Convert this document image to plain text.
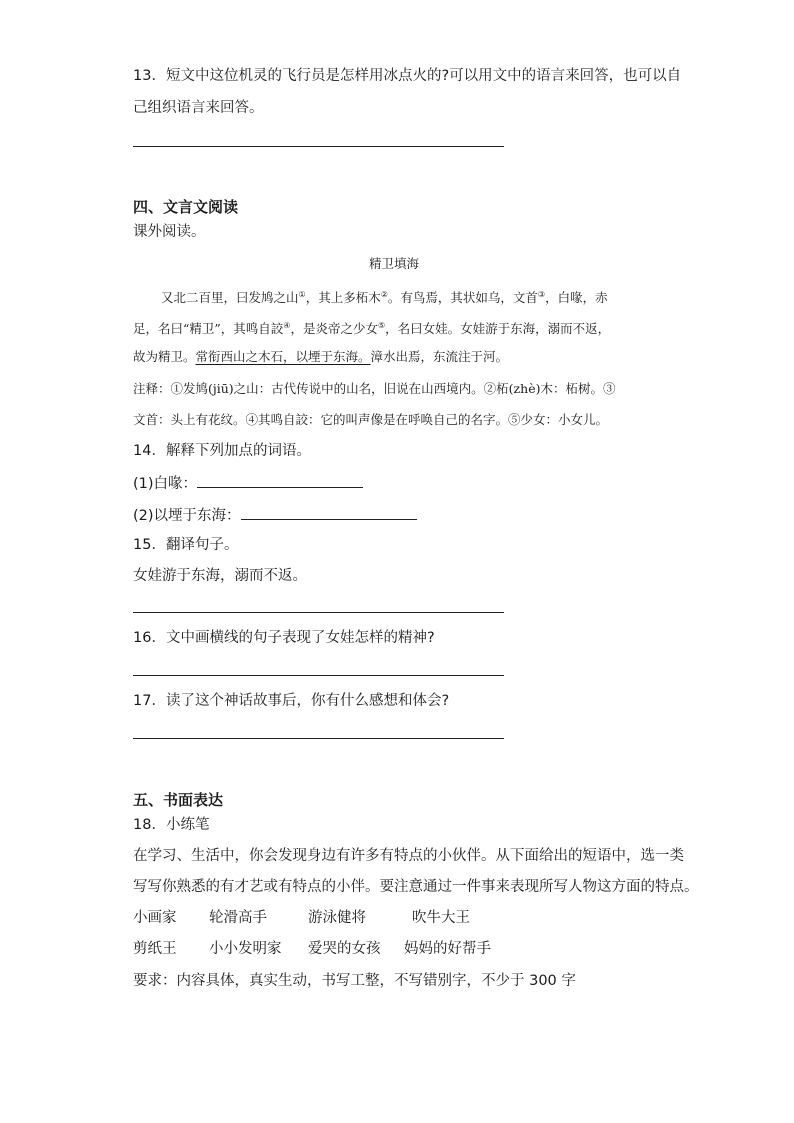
13．短文中这位机灵的飞行员是怎样用冰点火的?可以用文中的语言来回答，也可以自
己组织语言来回答。
四、文言文阅读
课外阅读。
精卫填海
又北二百里，曰发鸠之山①，其上多柘木②。有鸟焉，其状如乌，文首③，白喙，赤
足，名曰“精卫”，其鸣自詨④，是炎帝之少女⑤，名曰女娃。女娃游于东海，溺而不返，
故为精卫。常衔西山之木石，以堙于东海。漳水出焉，东流注于河。
注释：①发鸠(jiū)之山：古代传说中的山名，旧说在山西境内。②柘(zhè)木：柘树。③
文首：头上有花纹。④其鸣自詨：它的叫声像是在呼唤自己的名字。⑤少女：小女儿。
14．解释下列加点的词语。
(1)白喙：
(2)以堙于东海：
15．翻译句子。
女娃游于东海，溺而不返。
16．文中画横线的句子表现了女娃怎样的精神?
17．读了这个神话故事后，你有什么感想和体会?
五、书面表达
18．小练笔
在学习、生活中，你会发现身边有许多有特点的小伙伴。从下面给出的短语中，选一类
写写你熟悉的有才艺或有特点的小伴。要注意通过一件事来表现所写人物这方面的特点。
小画家 轮滑高手	游泳健将	吹牛大王
剪纸王 小小发明家 爱哭的女孩 妈妈的好帮手
要求：内容具体，真实生动，书写工整，不写错别字，不少于 300 字
